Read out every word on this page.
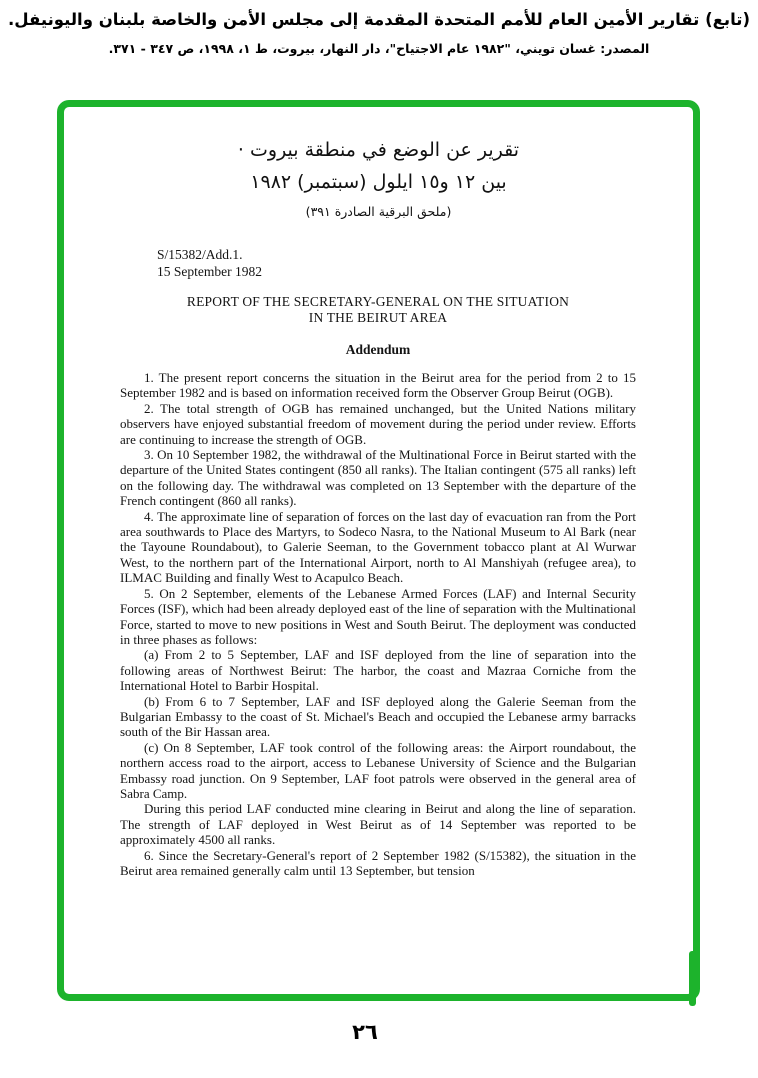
(تابع) تقارير الأمين العام للأمم المتحدة المقدمة إلى مجلس الأمن والخاصة بلبنان واليونيفل.
المصدر: غسان تويني، "١٩٨٢ عام الاجتياح"، دار النهار، بيروت، ط ١، ١٩٩٨، ص ٣٤٧ - ٣٧١.
تقرير عن الوضع في منطقة بيروت ·
بين ١٢ و١٥ ايلول (سبتمبر) ١٩٨٢
(ملحق البرقية الصادرة ٣٩١)
S/15382/Add.1.
15 September 1982
REPORT OF THE SECRETARY-GENERAL ON THE SITUATION
IN THE BEIRUT AREA
Addendum

1. The present report concerns the situation in the Beirut area for the period from 2 to 15 September 1982 and is based on information received form the Observer Group Beirut (OGB).

2. The total strength of OGB has remained unchanged, but the United Nations military observers have enjoyed substantial freedom of movement during the period under review. Efforts are continuing to increase the strength of OGB.

3. On 10 September 1982, the withdrawal of the Multinational Force in Beirut started with the departure of the United States contingent (850 all ranks). The Italian contingent (575 all ranks) left on the following day. The withdrawal was completed on 13 September with the departure of the French contingent (860 all ranks).

4. The approximate line of separation of forces on the last day of evacuation ran from the Port area southwards to Place des Martyrs, to Sodeco Nasra, to the National Museum to Al Bark (near the Tayoune Roundabout), to Galerie Seeman, to the Government tobacco plant at Al Wurwar West, to the northern part of the International Airport, north to Al Manshiyah (refugee area), to ILMAC Building and finally West to Acapulco Beach.

5. On 2 September, elements of the Lebanese Armed Forces (LAF) and Internal Security Forces (ISF), which had been already deployed east of the line of separation with the Multinational Force, started to move to new positions in West and South Beirut. The deployment was conducted in three phases as follows:

(a) From 2 to 5 September, LAF and ISF deployed from the line of separation into the following areas of Northwest Beirut: The harbor, the coast and Mazraa Corniche from the International Hotel to Barbir Hospital.

(b) From 6 to 7 September, LAF and ISF deployed along the Galerie Seeman from the Bulgarian Embassy to the coast of St. Michael's Beach and occupied the Lebanese army barracks south of the Bir Hassan area.

(c) On 8 September, LAF took control of the following areas: the Airport roundabout, the northern access road to the airport, access to Lebanese University of Science and the Bulgarian Embassy road junction. On 9 September, LAF foot patrols were observed in the general area of Sabra Camp.

During this period LAF conducted mine clearing in Beirut and along the line of separation. The strength of LAF deployed in West Beirut as of 14 September was reported to be approximately 4500 all ranks.

6. Since the Secretary-General's report of 2 September 1982 (S/15382), the situation in the Beirut area remained generally calm until 13 September, but tension

٢٦
